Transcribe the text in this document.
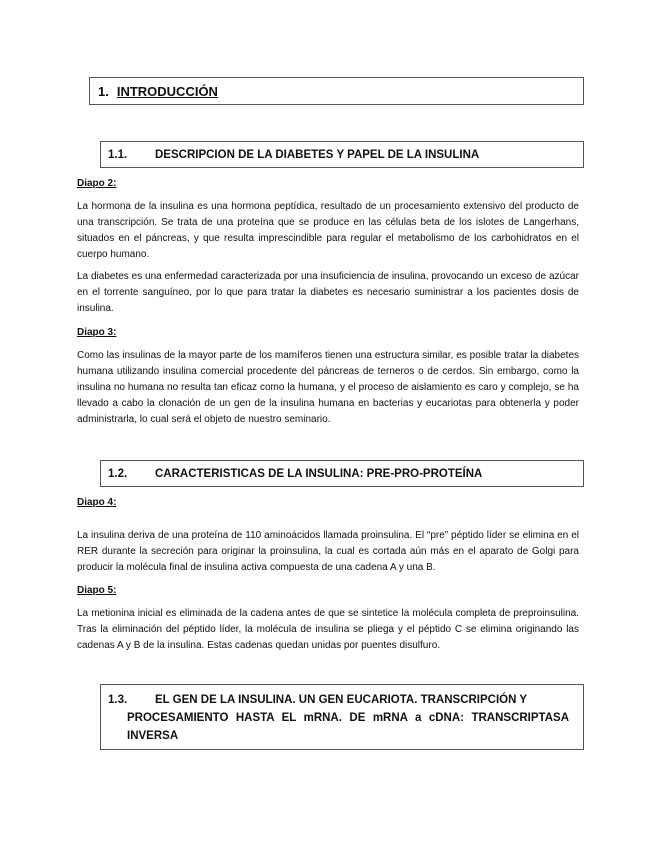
1. INTRODUCCIÓN
1.1.	DESCRIPCION DE LA DIABETES Y PAPEL DE LA INSULINA
Diapo 2:

La hormona de la insulina es una hormona peptídica, resultado de un procesamiento extensivo del producto de una transcripción. Se trata de una proteína que se produce en las células beta de los islotes de Langerhans, situados en el páncreas, y que resulta imprescindible para regular el metabolismo de los carbohidratos en el cuerpo humano.

La diabetes es una enfermedad caracterizada por una insuficiencia de insulina, provocando un exceso de azúcar en el torrente sanguíneo, por lo que para tratar la diabetes es necesario suministrar a los pacientes dosis de insulina.

Diapo 3:

Como las insulinas de la mayor parte de los mamíferos tienen una estructura similar, es posible tratar la diabetes humana utilizando insulina comercial procedente del páncreas de terneros o de cerdos. Sin embargo, como la insulina no humana no resulta tan eficaz como la humana, y el proceso de aislamiento es caro y complejo, se ha llevado a cabo la clonación de un gen de la insulina humana en bacterias y eucariotas para obtenerla y poder administrarla, lo cual será el objeto de nuestro seminario.

1.2.	CARACTERISTICAS DE LA INSULINA: PRE-PRO-PROTEÍNA
Diapo 4:

La insulina deriva de una proteína de 110 aminoácidos llamada proinsulina. El “pre” péptido líder se elimina en el RER durante la secreción para originar la proinsulina, la cual es cortada aún más en el aparato de Golgi para producir la molécula final de insulina activa compuesta de una cadena A y una B.

Diapo 5:

La metionina inicial es eliminada de la cadena antes de que se sintetice la molécula completa de preproinsulina. Tras la eliminación del péptido líder, la molécula de insulina se pliega y el péptido C se elimina originando las cadenas A y B de la insulina. Estas cadenas quedan unidas por puentes disulfuro.

1.3. EL GEN DE LA INSULINA. UN GEN EUCARIOTA. TRANSCRIPCIÓN Y
PROCESAMIENTO HASTA EL mRNA. DE mRNA a cDNA: TRANSCRIPTASA INVERSA
